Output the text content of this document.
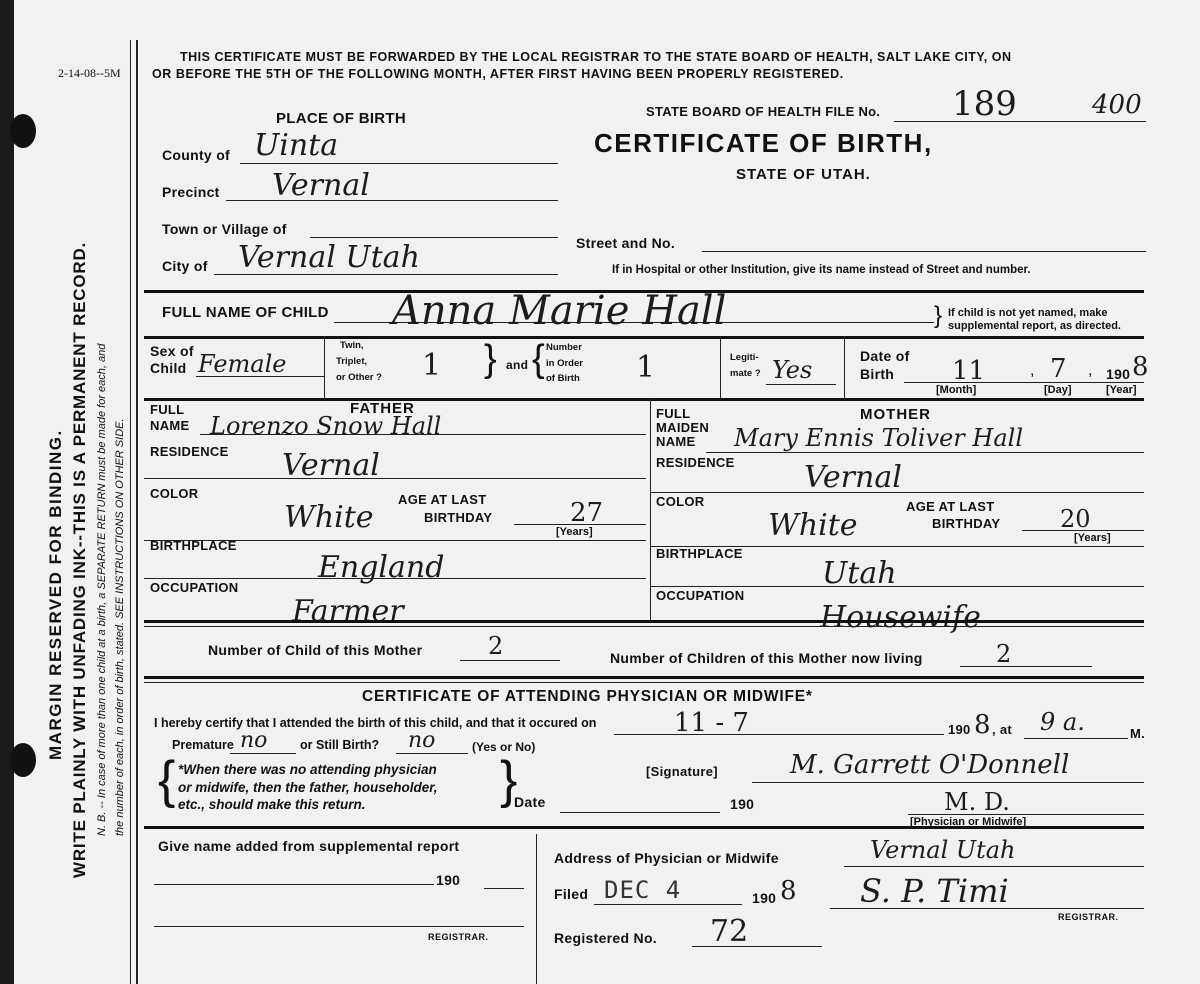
2-14-08--5M
MARGIN RESERVED FOR BINDING. WRITE PLAINLY WITH UNFADING INK--THIS IS A PERMANENT RECORD. N. B. -- In case of more than one child at a birth, a SEPARATE RETURN must be made for each, and the number of each, in order of birth, stated. SEE INSTRUCTIONS ON OTHER SIDE.
THIS CERTIFICATE MUST BE FORWARDED BY THE LOCAL REGISTRAR TO THE STATE BOARD OF HEALTH, SALT LAKE CITY, ON
OR BEFORE THE 5TH OF THE FOLLOWING MONTH, AFTER FIRST HAVING BEEN PROPERLY REGISTERED.
PLACE OF BIRTH	STATE BOARD OF HEALTH FILE No. 189	400
CERTIFICATE OF BIRTH,
STATE OF UTAH.
County of Uinta
Precinct Vernal
Town or Village of
City of Vernal Utah	Street and No.
If in Hospital or other Institution, give its name instead of Street and number.
FULL NAME OF CHILD Anna Marie Hall	} If child is not yet named, make
supplemental report, as directed.
Sex of
Child Female
Twin,
Triplet,
or Other ? 1 } and { Number
in Order
of Birth 1	Legiti-
mate ? Yes	Date of
Birth 11	, 7 , 190 8
[Month]	[Day]	[Year]
FULL	FATHER
NAME Lorenzo Snow Hall
RESIDENCE Vernal
COLOR
White
AGE AT LAST
BIRTHDAY	27
[Years]
BIRTHPLACE
England
OCCUPATION
Farmer
FULL	MOTHER
MAIDEN
NAME Mary Ennis Toliver Hall
RESIDENCE Vernal
COLOR
White
AGE AT LAST
BIRTHDAY 20
[Years]
BIRTHPLACE
Utah
OCCUPATION
Housewife
Number of Child of this Mother	2	Number of Children of this Mother now living	2
CERTIFICATE OF ATTENDING PHYSICIAN OR MIDWIFE*
I hereby certify that I attended the birth of this child, and that it occured on	11 - 7	190 8 , at 9 a.	M.
Premature no	or Still Birth? no	(Yes or No)
{ *When there was no attending physician
or midwife, then the father, householder,
etc., should make this return.	}	[Signature]	M. Garrett O'Donnell
Date	190	M. D.
[Physician or Midwife]
Give name added from supplemental report
190
REGISTRAR.
Address of Physician or Midwife	Vernal Utah
Filed DEC 4	190 8 S. P. Timi
REGISTRAR.
Registered No. 72
